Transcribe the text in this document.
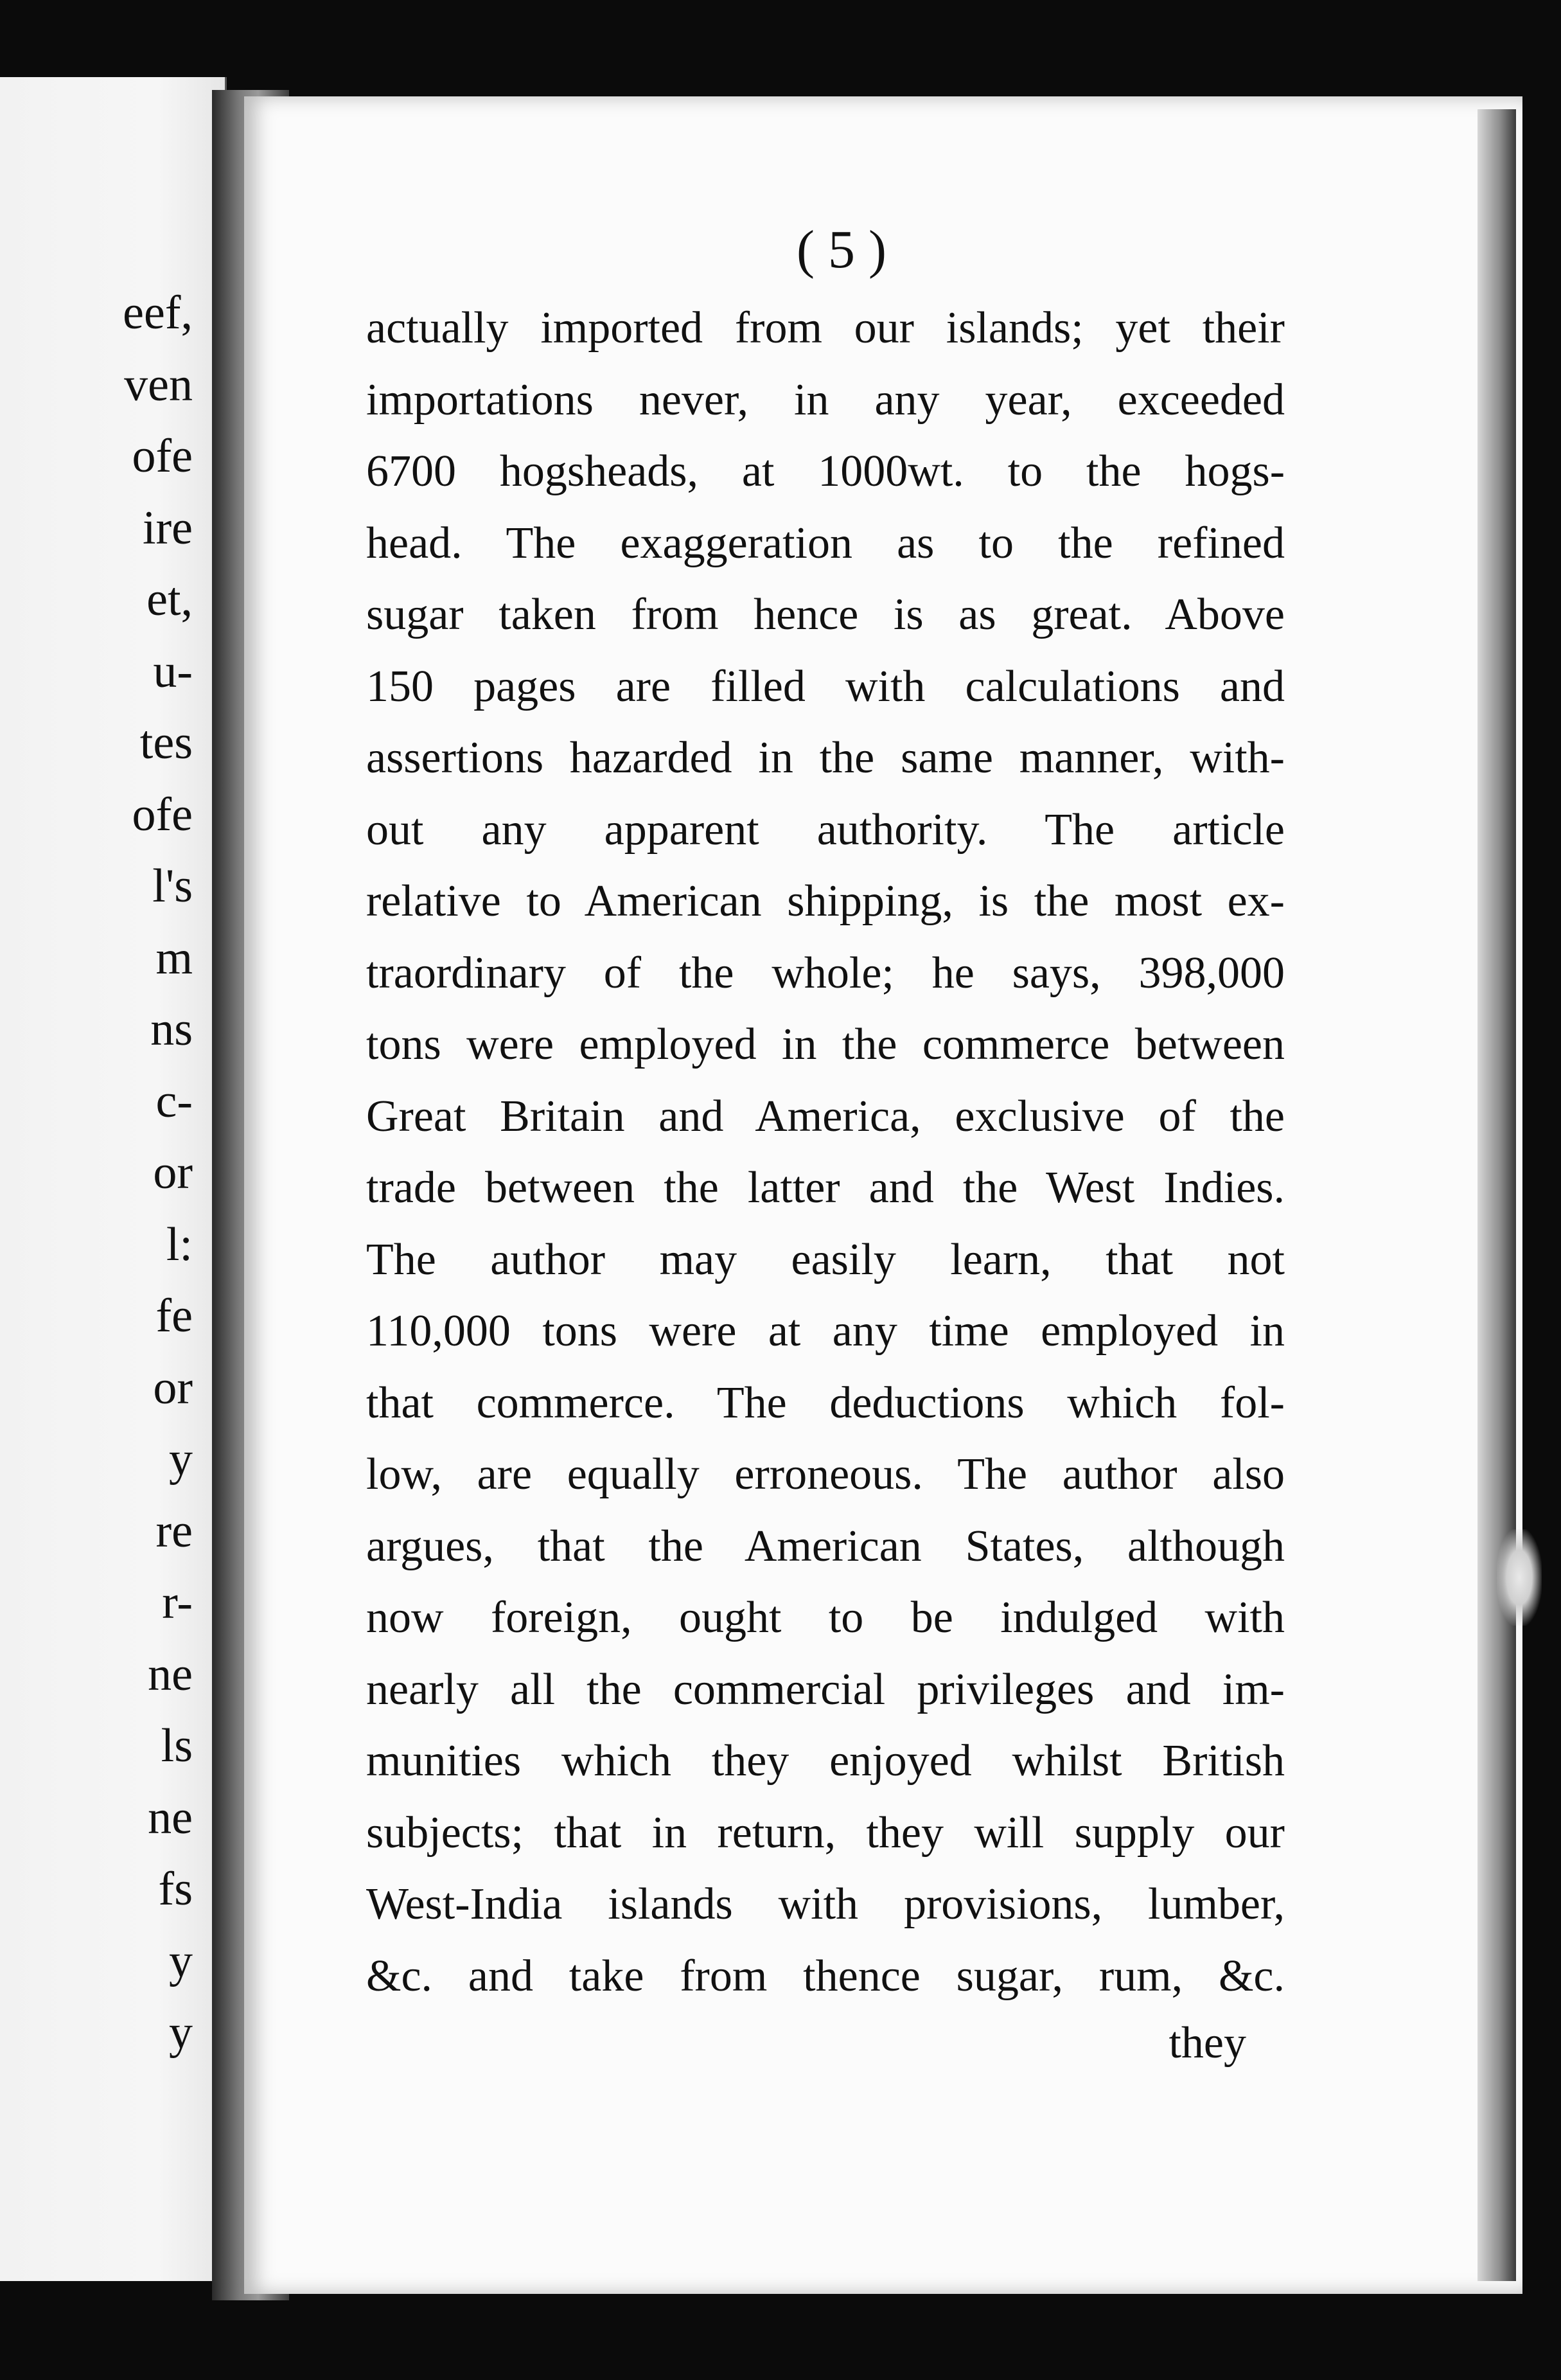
eef,
ven
ofe
ire
et,
u-
tes
ofe
l's
m
ns
c-
or
l:
fe
or
y
re
r-
ne
ls
ne
fs
y
y
( 5 )
actually imported from our islands; yet their
importations never, in any year, exceeded
6700 hogsheads, at 1000wt. to the hogs-
head. The exaggeration as to the refined
sugar taken from hence is as great. Above
150 pages are filled with calculations and
assertions hazarded in the same manner, with-
out any apparent authority. The article
relative to American shipping, is the most ex-
traordinary of the whole; he says, 398,000
tons were employed in the commerce between
Great Britain and America, exclusive of the
trade between the latter and the West Indies.
The author may easily learn, that not
110,000 tons were at any time employed in
that commerce. The deductions which fol-
low, are equally erroneous. The author also
argues, that the American States, although
now foreign, ought to be indulged with
nearly all the commercial privileges and im-
munities which they enjoyed whilst British
subjects; that in return, they will supply our
West-India islands with provisions, lumber,
&c. and take from thence sugar, rum, &c.
they
